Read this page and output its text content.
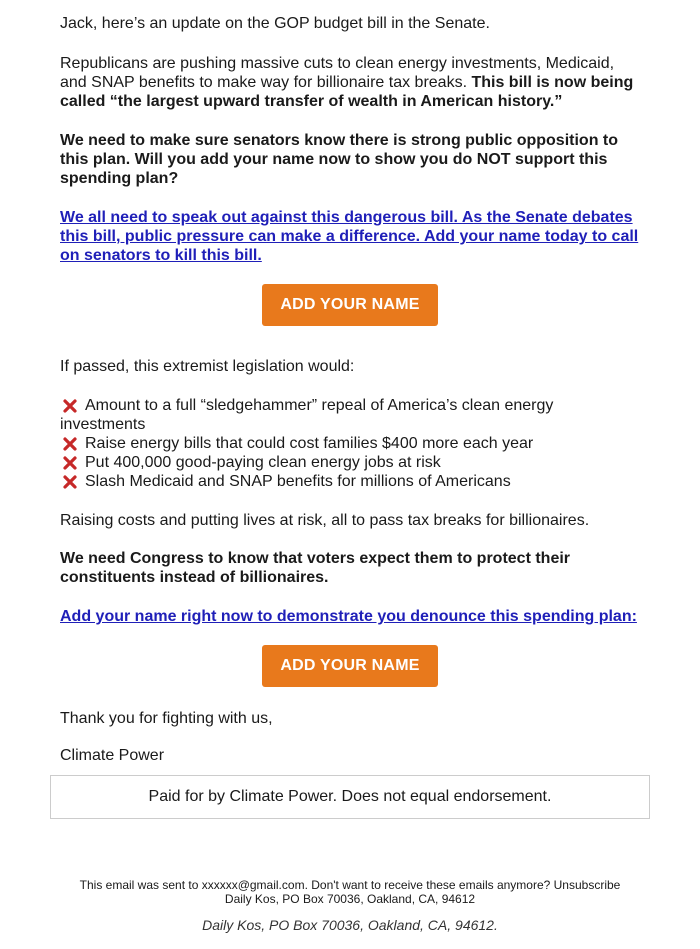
Jack, here’s an update on the GOP budget bill in the Senate.

Republicans are pushing massive cuts to clean energy investments, Medicaid, and SNAP benefits to make way for billionaire tax breaks. This bill is now being called “the largest upward transfer of wealth in American history.”

We need to make sure senators know there is strong public opposition to this plan. Will you add your name now to show you do NOT support this spending plan?

We all need to speak out against this dangerous bill. As the Senate debates this bill, public pressure can make a difference. Add your name today to call on senators to kill this bill.

ADD YOUR NAME

If passed, this extremist legislation would:

Amount to a full “sledgehammer” repeal of America’s clean energy investments
Raise energy bills that could cost families $400 more each year
Put 400,000 good-paying clean energy jobs at risk
Slash Medicaid and SNAP benefits for millions of Americans

Raising costs and putting lives at risk, all to pass tax breaks for billionaires.

We need Congress to know that voters expect them to protect their constituents instead of billionaires.

Add your name right now to demonstrate you denounce this spending plan:

ADD YOUR NAME

Thank you for fighting with us,

Climate Power

Paid for by Climate Power. Does not equal endorsement.
This email was sent to xxxxxx@gmail.com. Don't want to receive these emails anymore? Unsubscribe
Daily Kos, PO Box 70036, Oakland, CA, 94612
Daily Kos, PO Box 70036, Oakland, CA, 94612.
